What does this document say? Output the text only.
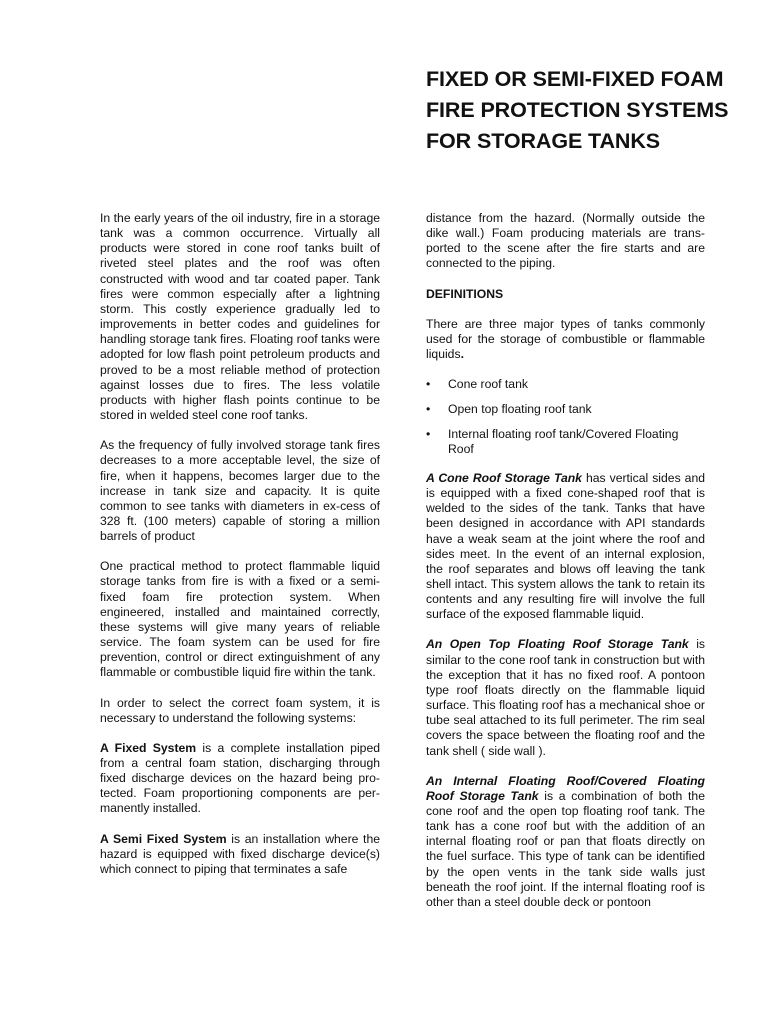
FIXED OR SEMI-FIXED FOAM FIRE PROTECTION SYSTEMS FOR STORAGE TANKS

In the early years of the oil industry, fire in a storage tank was a common occurrence. Virtually all products were stored in cone roof tanks built of riveted steel plates and the roof was often constructed with wood and tar coated paper. Tank fires were common especially after a lightning storm. This costly experience gradually led to improvements in better codes and guidelines for handling storage tank fires. Floating roof tanks were adopted for low flash point petroleum products and proved to be a most reliable method of protection against losses due to fires. The less volatile products with higher flash points continue to be stored in welded steel cone roof tanks.

As the frequency of fully involved storage tank fires decreases to a more acceptable level, the size of fire, when it happens, becomes larger due to the increase in tank size and capacity. It is quite common to see tanks with diameters in ex-cess of 328 ft. (100 meters) capable of storing a million barrels of product

One practical method to protect flammable liquid storage tanks from fire is with a fixed or a semi-fixed foam fire protection system. When engineered, installed and maintained correctly, these systems will give many years of reliable service. The foam system can be used for fire prevention, control or direct extinguishment of any flammable or combustible liquid fire within the tank.

In order to select the correct foam system, it is necessary to understand the following systems:

A Fixed System is a complete installation piped from a central foam station, discharging through fixed discharge devices on the hazard being pro-tected. Foam proportioning components are per-manently installed.

A Semi Fixed System is an installation where the hazard is equipped with fixed discharge device(s) which connect to piping that terminates a safe

distance from the hazard. (Normally outside the dike wall.) Foam producing materials are trans-ported to the scene after the fire starts and are connected to the piping.

DEFINITIONS

There are three major types of tanks commonly used for the storage of combustible or flammable liquids.

• Cone roof tank
• Open top floating roof tank
• Internal floating roof tank/Covered Floating Roof

A Cone Roof Storage Tank has vertical sides and is equipped with a fixed cone-shaped roof that is welded to the sides of the tank. Tanks that have been designed in accordance with API standards have a weak seam at the joint where the roof and sides meet. In the event of an internal explosion, the roof separates and blows off leaving the tank shell intact. This system allows the tank to retain its contents and any resulting fire will involve the full surface of the exposed flammable liquid.

An Open Top Floating Roof Storage Tank is similar to the cone roof tank in construction but with the exception that it has no fixed roof. A pontoon type roof floats directly on the flammable liquid surface. This floating roof has a mechanical shoe or tube seal attached to its full perimeter. The rim seal covers the space between the floating roof and the tank shell ( side wall ).

An Internal Floating Roof/Covered Floating Roof Storage Tank is a combination of both the cone roof and the open top floating roof tank. The tank has a cone roof but with the addition of an internal floating roof or pan that floats directly on the fuel surface. This type of tank can be identified by the open vents in the tank side walls just beneath the roof joint. If the internal floating roof is other than a steel double deck or pontoon
